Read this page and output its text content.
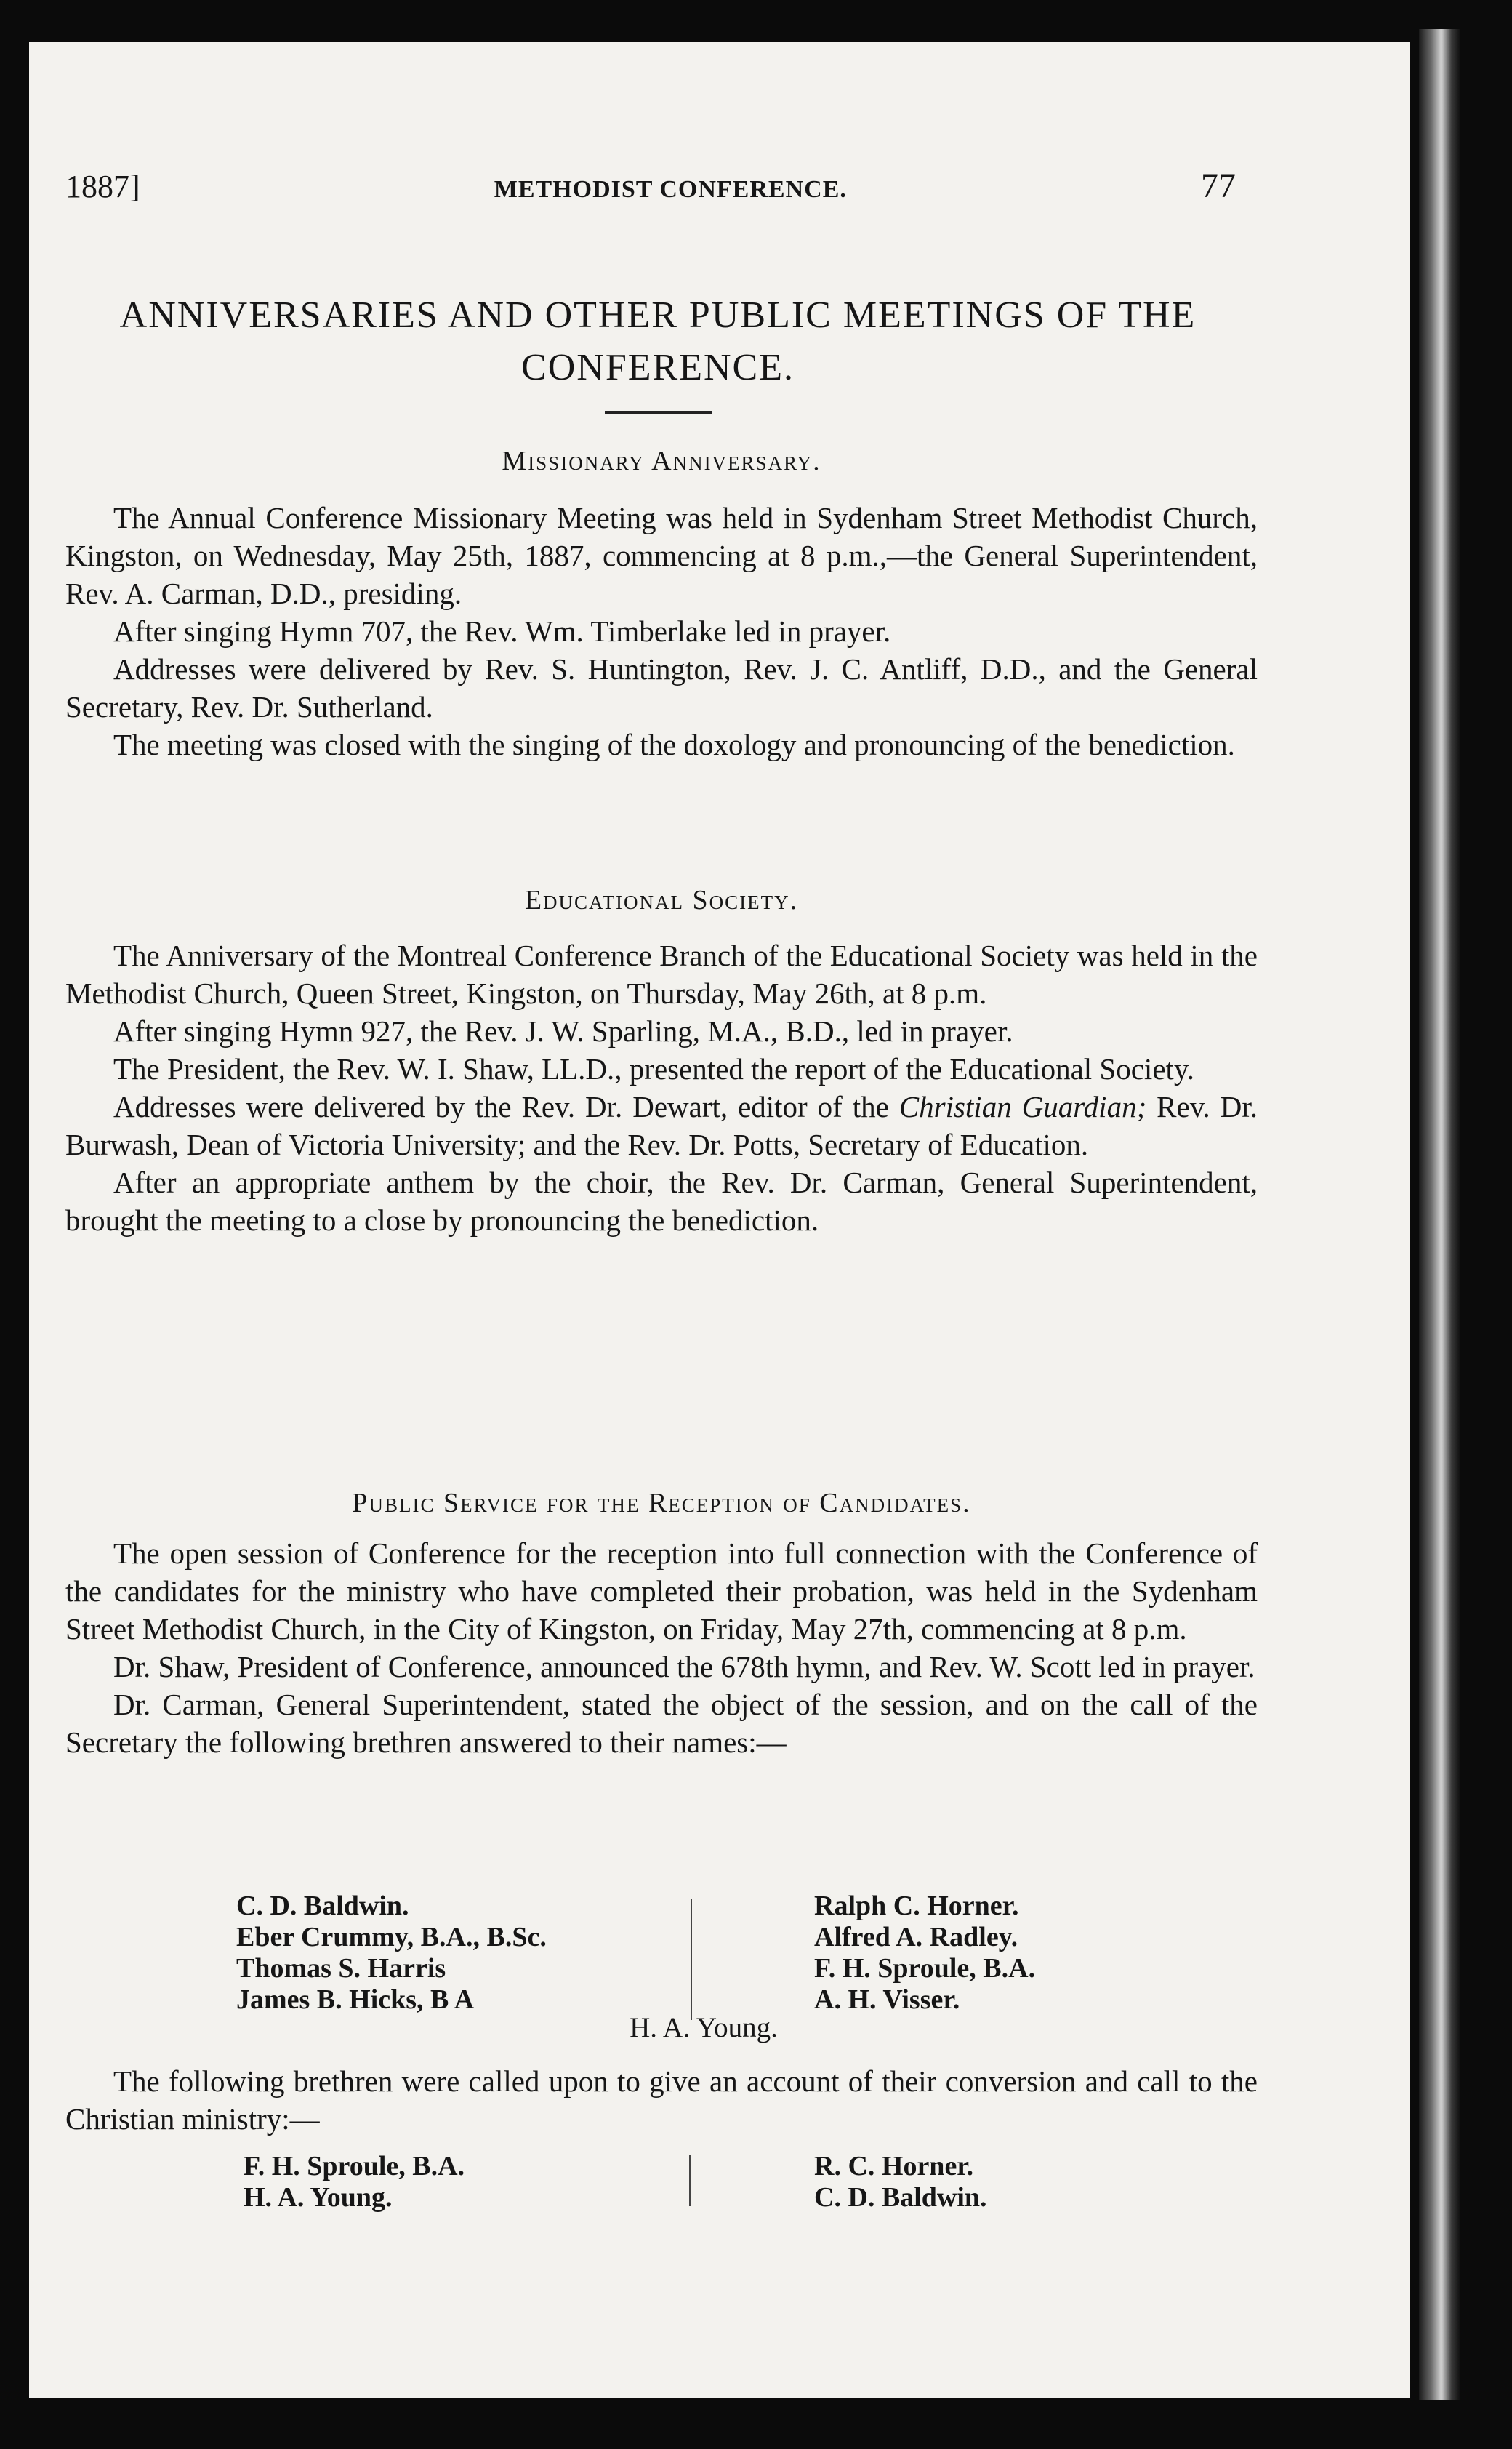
1887]	METHODIST CONFERENCE.	77
ANNIVERSARIES AND OTHER PUBLIC MEETINGS OF THE CONFERENCE.
Missionary Anniversary.

The Annual Conference Missionary Meeting was held in Sydenham Street Methodist Church, Kingston, on Wednesday, May 25th, 1887, commencing at 8 p.m.,—the General Superintendent, Rev. A. Carman, D.D., presiding.

After singing Hymn 707, the Rev. Wm. Timberlake led in prayer.

Addresses were delivered by Rev. S. Huntington, Rev. J. C. Antliff, D.D., and the General Secretary, Rev. Dr. Sutherland.

The meeting was closed with the singing of the doxology and pronouncing of the benediction.

Educational Society.

The Anniversary of the Montreal Conference Branch of the Educational Society was held in the Methodist Church, Queen Street, Kingston, on Thursday, May 26th, at 8 p.m.

After singing Hymn 927, the Rev. J. W. Sparling, M.A., B.D., led in prayer.

The President, the Rev. W. I. Shaw, LL.D., presented the report of the Educational Society.

Addresses were delivered by the Rev. Dr. Dewart, editor of the Christian Guardian; Rev. Dr. Burwash, Dean of Victoria University; and the Rev. Dr. Potts, Secretary of Education.

After an appropriate anthem by the choir, the Rev. Dr. Carman, General Superintendent, brought the meeting to a close by pronouncing the benediction.

Public Service for the Reception of Candidates.

The open session of Conference for the reception into full connection with the Conference of the candidates for the ministry who have completed their probation, was held in the Sydenham Street Methodist Church, in the City of Kingston, on Friday, May 27th, commencing at 8 p.m.

Dr. Shaw, President of Conference, announced the 678th hymn, and Rev. W. Scott led in prayer.

Dr. Carman, General Superintendent, stated the object of the session, and on the call of the Secretary the following brethren answered to their names:—

C. D. Baldwin.
Eber Crummy, B.A., B.Sc.
Thomas S. Harris
James B. Hicks, B A
Ralph C. Horner.
Alfred A. Radley.
F. H. Sproule, B.A.
A. H. Visser.
H. A. Young.

The following brethren were called upon to give an account of their conversion and call to the Christian ministry:—

F. H. Sproule, B.A.
H. A. Young.
R. C. Horner.
C. D. Baldwin.
